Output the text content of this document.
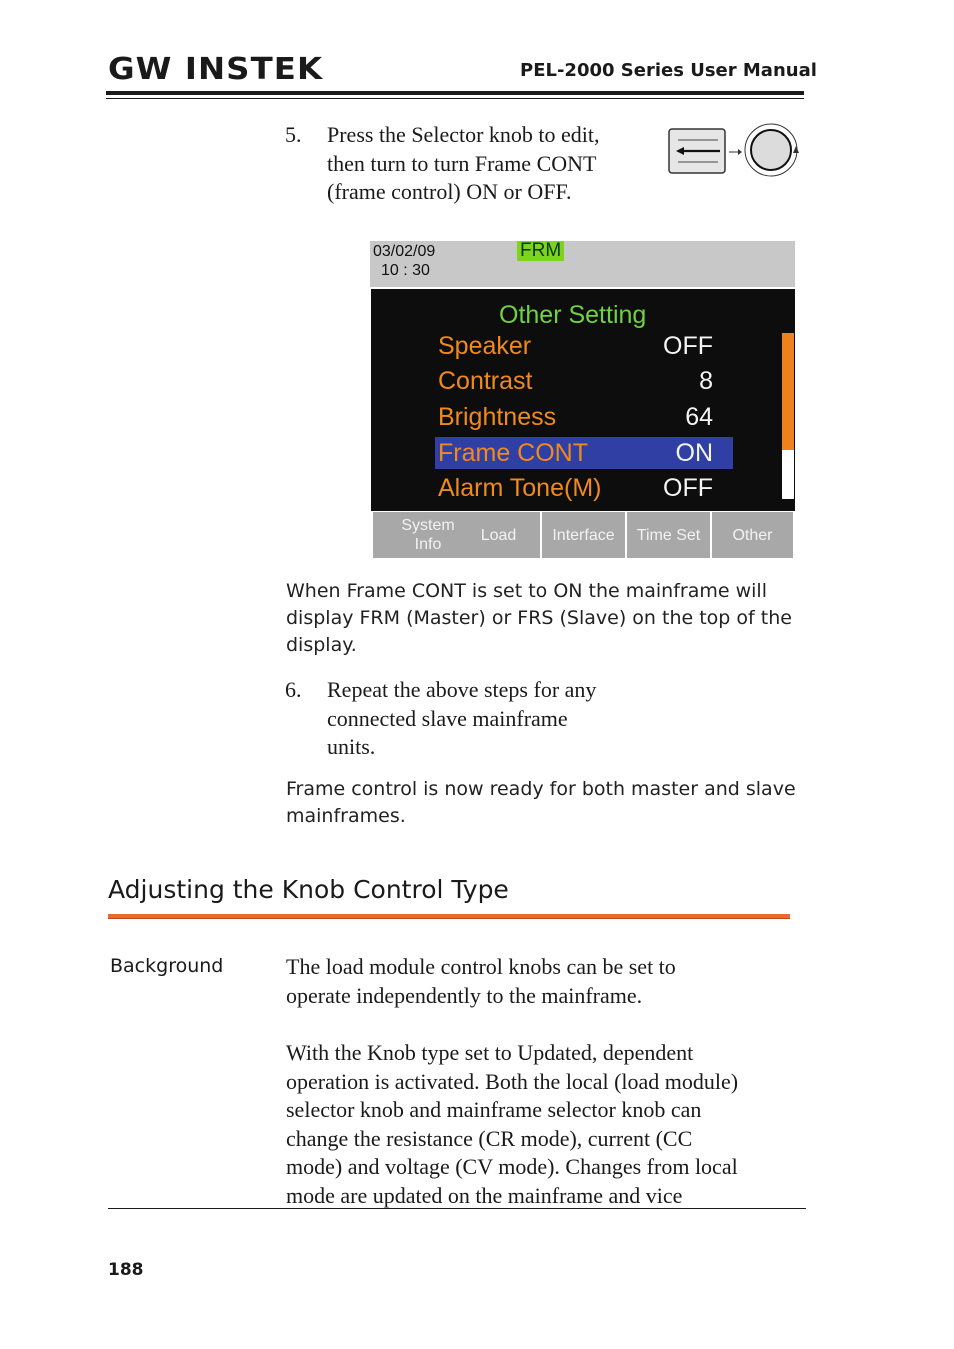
GW INSTEK	PEL-2000 Series User Manual
5.	Press the Selector knob to edit,
then turn to turn Frame CONT
(frame control) ON or OFF.
03/02/09
10 : 30
FRM
Other Setting
Speaker	OFF
Contrast	8
Brightness	64
Frame CONT	ON
Alarm Tone(M) OFF
System Info
Load	Interface	Time Set	Other
When Frame CONT is set to ON the mainframe will
display FRM (Master) or FRS (Slave) on the top of the
display.
6.	Repeat the above steps for any
connected slave mainframe
units.
Frame control is now ready for both master and slave
mainframes.
Adjusting the Knob Control Type
Background	The load module control knobs can be set to
operate independently to the mainframe.
With the Knob type set to Updated, dependent
operation is activated. Both the local (load module)
selector knob and mainframe selector knob can
change the resistance (CR mode), current (CC
mode) and voltage (CV mode). Changes from local
mode are updated on the mainframe and vice
188
